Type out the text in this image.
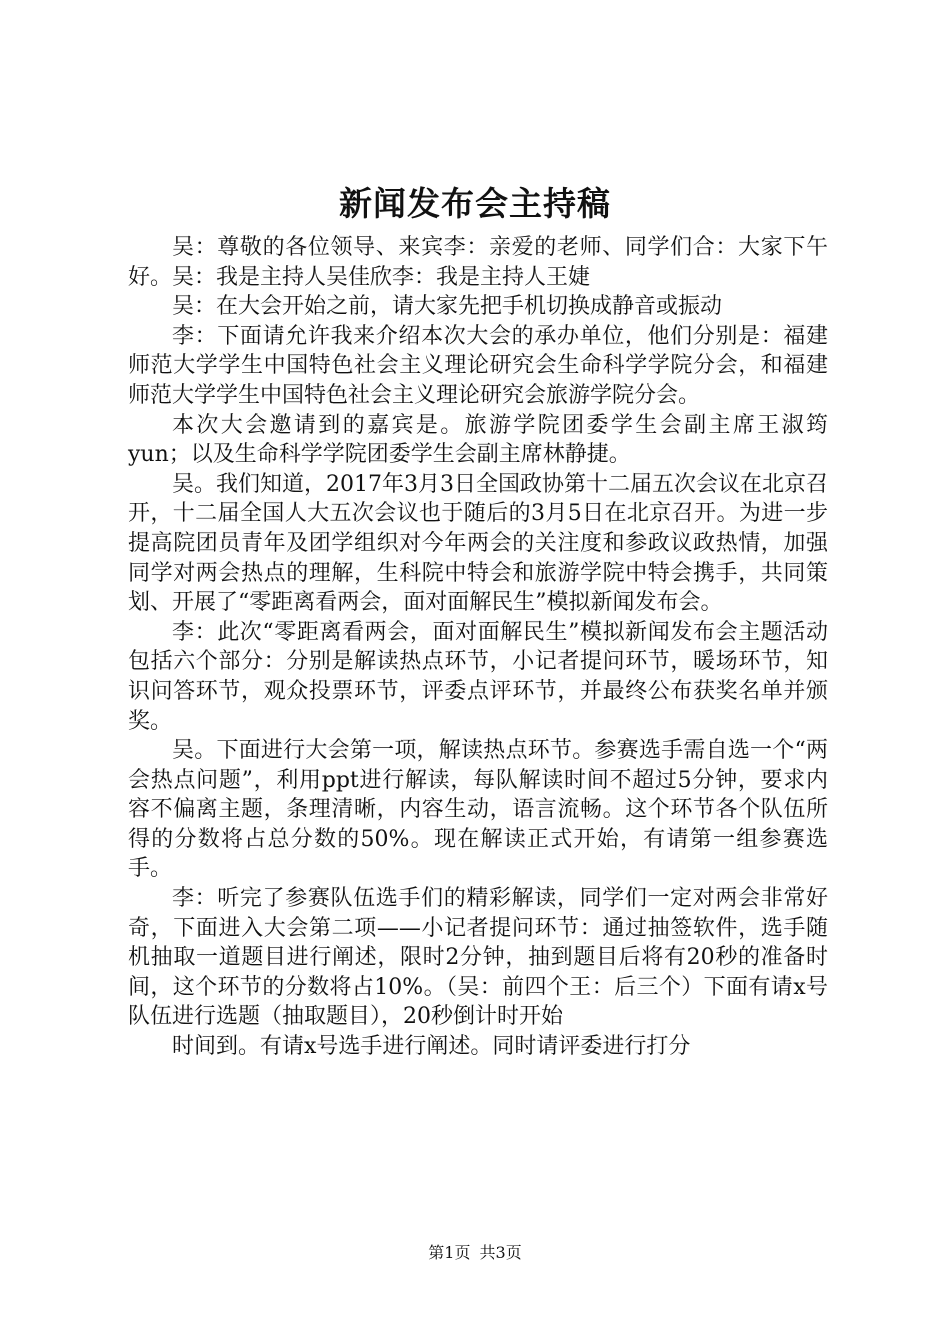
新闻发布会主持稿

吴：尊敬的各位领导、来宾李：亲爱的老师、同学们合：大家下午好。吴：我是主持人吴佳欣李：我是主持人王婕

吴：在大会开始之前，请大家先把手机切换成静音或振动

李：下面请允许我来介绍本次大会的承办单位，他们分别是：福建师范大学学生中国特色社会主义理论研究会生命科学学院分会，和福建师范大学学生中国特色社会主义理论研究会旅游学院分会。

本次大会邀请到的嘉宾是。旅游学院团委学生会副主席王淑筠 yun；以及生命科学学院团委学生会副主席林静捷。

吴。我们知道，2017年3月3日全国政协第十二届五次会议在北京召开，十二届全国人大五次会议也于随后的3月5日在北京召开。为进一步提高院团员青年及团学组织对今年两会的关注度和参政议政热情，加强同学对两会热点的理解，生科院中特会和旅游学院中特会携手，共同策划、开展了“零距离看两会，面对面解民生”模拟新闻发布会。

李：此次“零距离看两会，面对面解民生”模拟新闻发布会主题活动包括六个部分：分别是解读热点环节，小记者提问环节，暖场环节，知识问答环节，观众投票环节，评委点评环节，并最终公布获奖名单并颁奖。

吴。下面进行大会第一项，解读热点环节。参赛选手需自选一个“两会热点问题”，利用ppt进行解读，每队解读时间不超过5分钟，要求内容不偏离主题，条理清晰，内容生动，语言流畅。这个环节各个队伍所得的分数将占总分数的50%。现在解读正式开始，有请第一组参赛选手。

李：听完了参赛队伍选手们的精彩解读，同学们一定对两会非常好奇，下面进入大会第二项——小记者提问环节：通过抽签软件，选手随机抽取一道题目进行阐述，限时2分钟，抽到题目后将有20秒的准备时间，这个环节的分数将占10%。（吴：前四个王：后三个）下面有请x号队伍进行选题（抽取题目），20秒倒计时开始

时间到。有请x号选手进行阐述。同时请评委进行打分

第1页 共3页
